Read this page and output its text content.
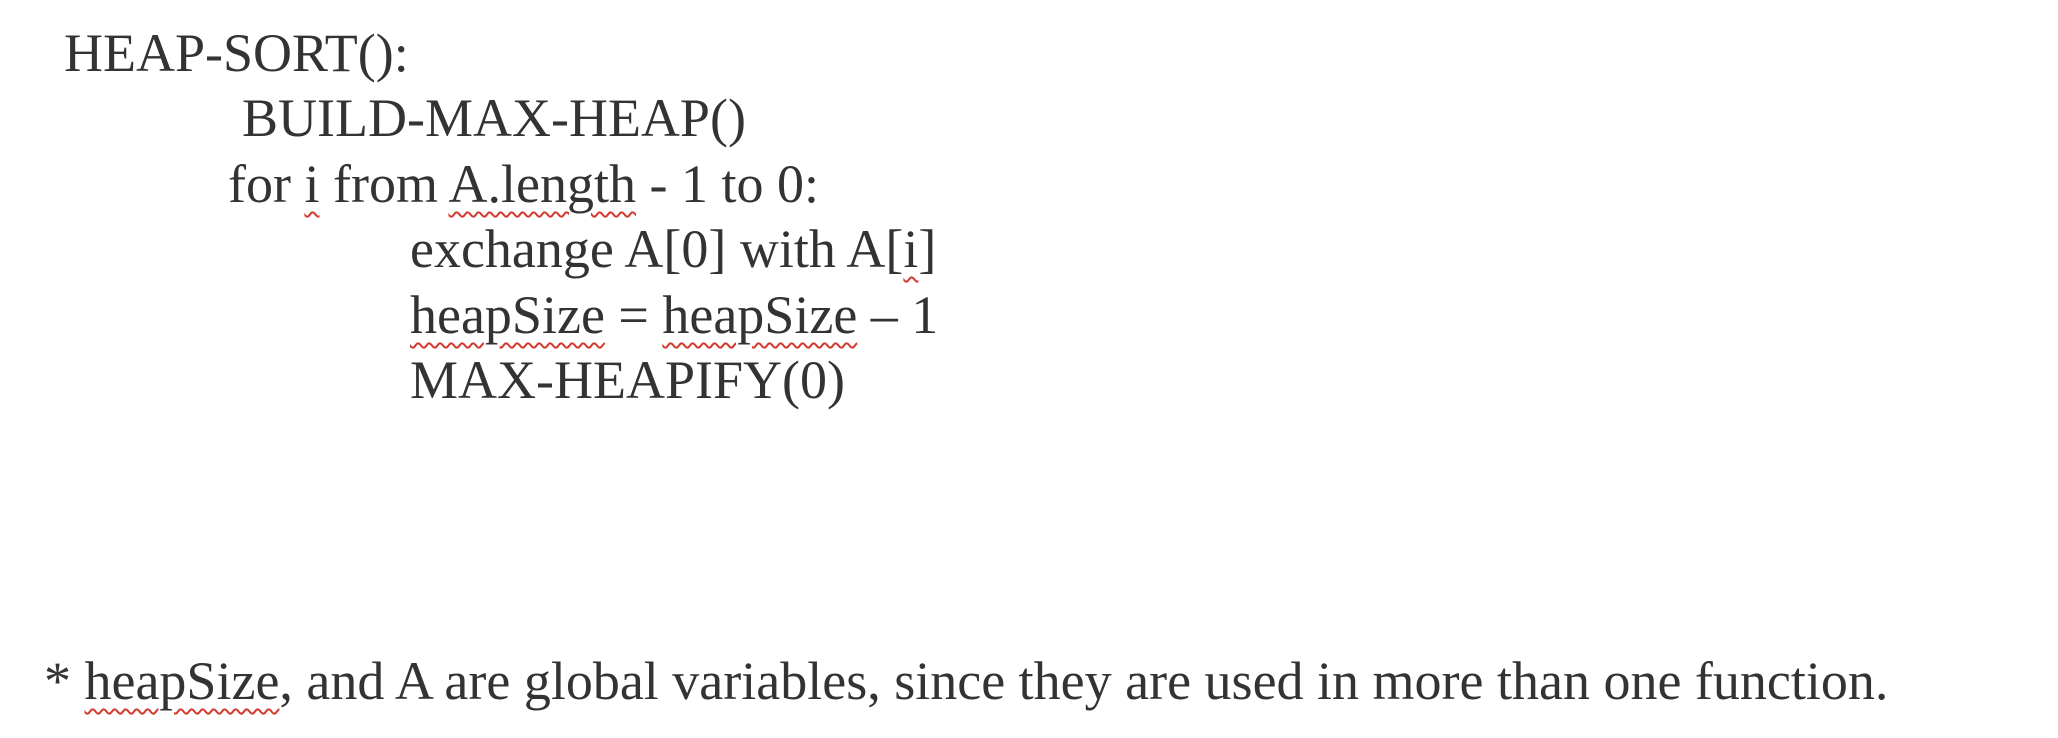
HEAP-SORT():
BUILD-MAX-HEAP()
for i from A.length - 1 to 0:
exchange A[0] with A[i]
heapSize = heapSize – 1
MAX-HEAPIFY(0)
* heapSize, and A are global variables, since they are used in more than one function.
